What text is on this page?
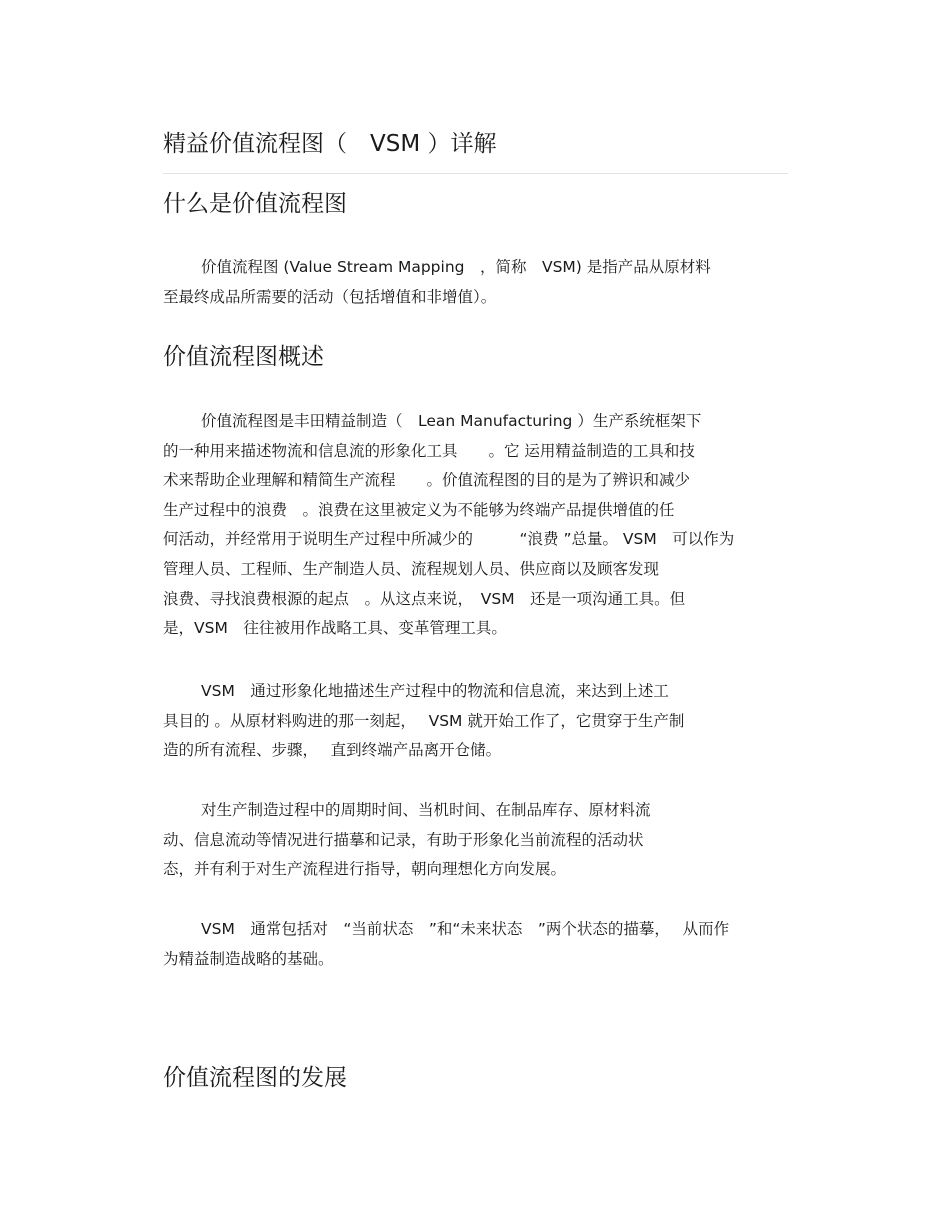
精益价值流程图（　VSM ）详解
什么是价值流程图
价值流程图 (Value Stream Mapping　，简称　VSM) 是指产品从原材料
至最终成品所需要的活动（包括增值和非增值）。
价值流程图概述
价值流程图是丰田精益制造（　Lean Manufacturing ）生产系统框架下
的一种用来描述物流和信息流的形象化工具　　。它 运用精益制造的工具和技
术来帮助企业理解和精简生产流程　　。价值流程图的目的是为了辨识和减少
生产过程中的浪费　。浪费在这里被定义为不能够为终端产品提供增值的任
何活动，并经常用于说明生产过程中所减少的　　　“浪费 ”总量。 VSM　可以作为
管理人员、工程师、生产制造人员、流程规划人员、供应商以及顾客发现
浪费、寻找浪费根源的起点　。从这点来说，　VSM　还是一项沟通工具。但
是，VSM　往往被用作战略工具、变革管理工具。
VSM　通过形象化地描述生产过程中的物流和信息流，来达到上述工
具目的 。从原材料购进的那一刻起，　 VSM 就开始工作了，它贯穿于生产制
造的所有流程、步骤，　 直到终端产品离开仓储。
对生产制造过程中的周期时间、当机时间、在制品库存、原材料流
动、信息流动等情况进行描摹和记录，有助于形象化当前流程的活动状
态，并有利于对生产流程进行指导，朝向理想化方向发展。
VSM　通常包括对　“当前状态　”和“未来状态　”两个状态的描摹，　 从而作
为精益制造战略的基础。
价值流程图的发展
